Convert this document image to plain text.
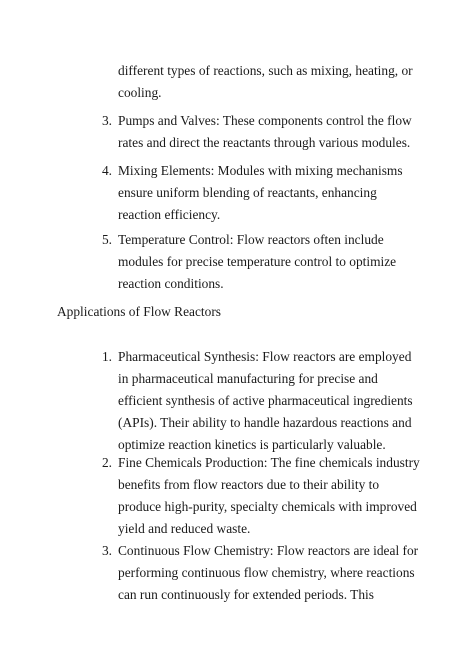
different types of reactions, such as mixing, heating, or
cooling.
3. Pumps and Valves: These components control the flow
rates and direct the reactants through various modules.
4. Mixing Elements: Modules with mixing mechanisms
ensure uniform blending of reactants, enhancing
reaction efficiency.
5. Temperature Control: Flow reactors often include
modules for precise temperature control to optimize
reaction conditions.
Applications of Flow Reactors
1. Pharmaceutical Synthesis: Flow reactors are employed
in pharmaceutical manufacturing for precise and
efficient synthesis of active pharmaceutical ingredients
(APIs). Their ability to handle hazardous reactions and
optimize reaction kinetics is particularly valuable.
2. Fine Chemicals Production: The fine chemicals industry
benefits from flow reactors due to their ability to
produce high-purity, specialty chemicals with improved
yield and reduced waste.
3. Continuous Flow Chemistry: Flow reactors are ideal for
performing continuous flow chemistry, where reactions
can run continuously for extended periods. This
